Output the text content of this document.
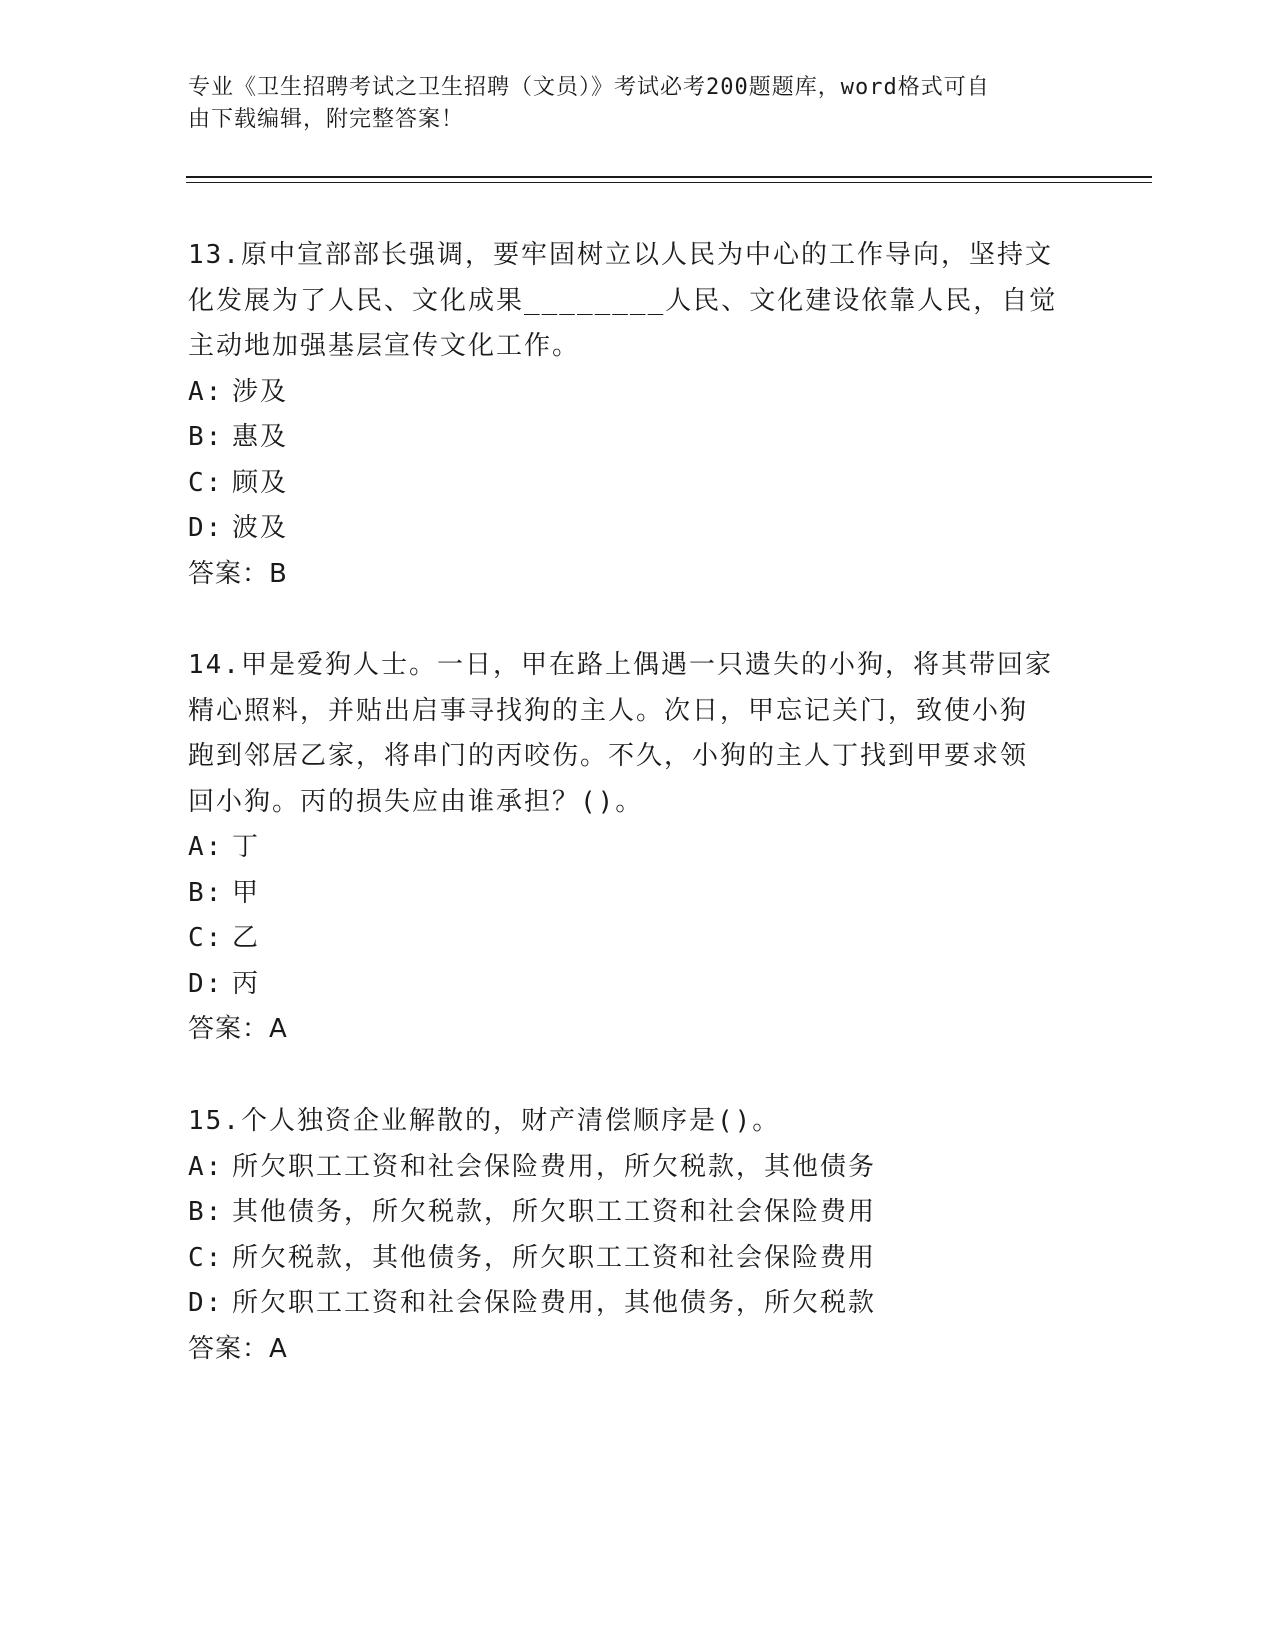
专业《卫生招聘考试之卫生招聘（文员）》考试必考200题题库，word格式可自
由下载编辑，附完整答案！

13.原中宣部部长强调，要牢固树立以人民为中心的工作导向，坚持文

化发展为了人民、文化成果________人民、文化建设依靠人民，自觉

主动地加强基层宣传文化工作。

A: 涉及

B: 惠及

C: 顾及

D: 波及

答案：B

14.甲是爱狗人士。一日，甲在路上偶遇一只遗失的小狗，将其带回家

精心照料，并贴出启事寻找狗的主人。次日，甲忘记关门，致使小狗

跑到邻居乙家，将串门的丙咬伤。不久，小狗的主人丁找到甲要求领

回小狗。丙的损失应由谁承担？()。

A: 丁

B: 甲

C: 乙

D: 丙

答案：A

15.个人独资企业解散的，财产清偿顺序是()。

A: 所欠职工工资和社会保险费用，所欠税款，其他债务

B: 其他债务，所欠税款，所欠职工工资和社会保险费用

C: 所欠税款，其他债务，所欠职工工资和社会保险费用

D: 所欠职工工资和社会保险费用，其他债务，所欠税款

答案：A
